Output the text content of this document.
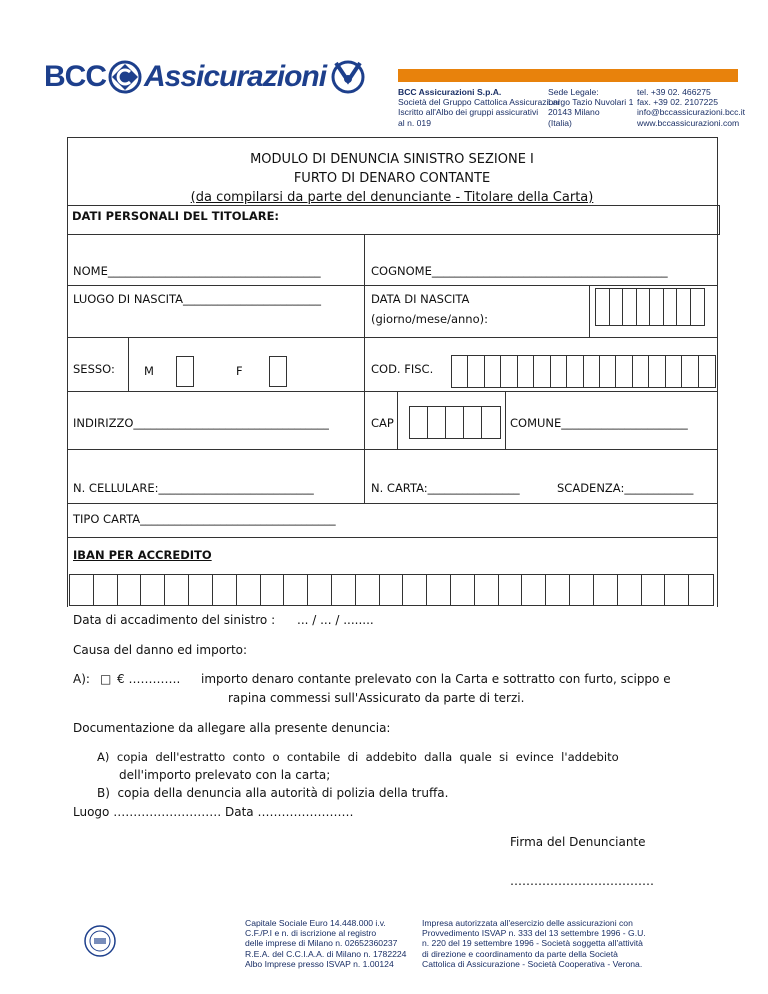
BCC Assicurazioni	BCC Assicurazioni S.p.A.
Società del Gruppo Cattolica Assicurazioni
Iscritto all'Albo dei gruppi assicurativi
al n. 019
Sede Legale:
Largo Tazio Nuvolari 1
20143 Milano
(Italia)
tel. +39 02. 466275
fax. +39 02. 2107225
info@bccassicurazioni.bcc.it
www.bccassicurazioni.com
MODULO DI DENUNCIA SINISTRO SEZIONE I
FURTO DI DENARO CONTANTE
(da compilarsi da parte del denunciante - Titolare della Carta)
DATI PERSONALI DEL TITOLARE:
NOME_____________________________________	COGNOME_________________________________________
LUOGO DI NASCITA________________________	DATA DI NASCITA
(giorno/mese/anno):
SESSO:	M	F	COD. FISC.
INDIRIZZO__________________________________	CAP	COMUNE______________________
N. CELLULARE:___________________________	N. CARTA:________________	SCADENZA:____________
TIPO CARTA__________________________________
IBAN PER ACCREDITO
Data di accadimento del sinistro : ... / ... / ........
Causa del danno ed importo:
A): □ € …………. importo denaro contante prelevato con la Carta e sottratto con furto, scippo e
rapina commessi sull'Assicurato da parte di terzi.
Documentazione da allegare alla presente denuncia:
A)  copia  dell'estratto  conto  o  contabile  di  addebito  dalla  quale  si  evince  l'addebito
dell'importo prelevato con la carta;
B)  copia della denuncia alla autorità di polizia della truffa.
Luogo ……………………… Data ……………………
Firma del Denunciante
………………………………
Capitale Sociale Euro 14.448.000 i.v.
C.F./P.I e n. di iscrizione al registro
delle imprese di Milano n. 02652360237
R.E.A. del C.C.I.A.A. di Milano n. 1782224
Albo Imprese presso ISVAP n. 1.00124
Impresa autorizzata all'esercizio delle assicurazioni con
Provvedimento ISVAP n. 333 del 13 settembre 1996 - G.U.
n. 220 del 19 settembre 1996 - Società soggetta all'attività
di direzione e coordinamento da parte della Società
Cattolica di Assicurazione - Società Cooperativa - Verona.
